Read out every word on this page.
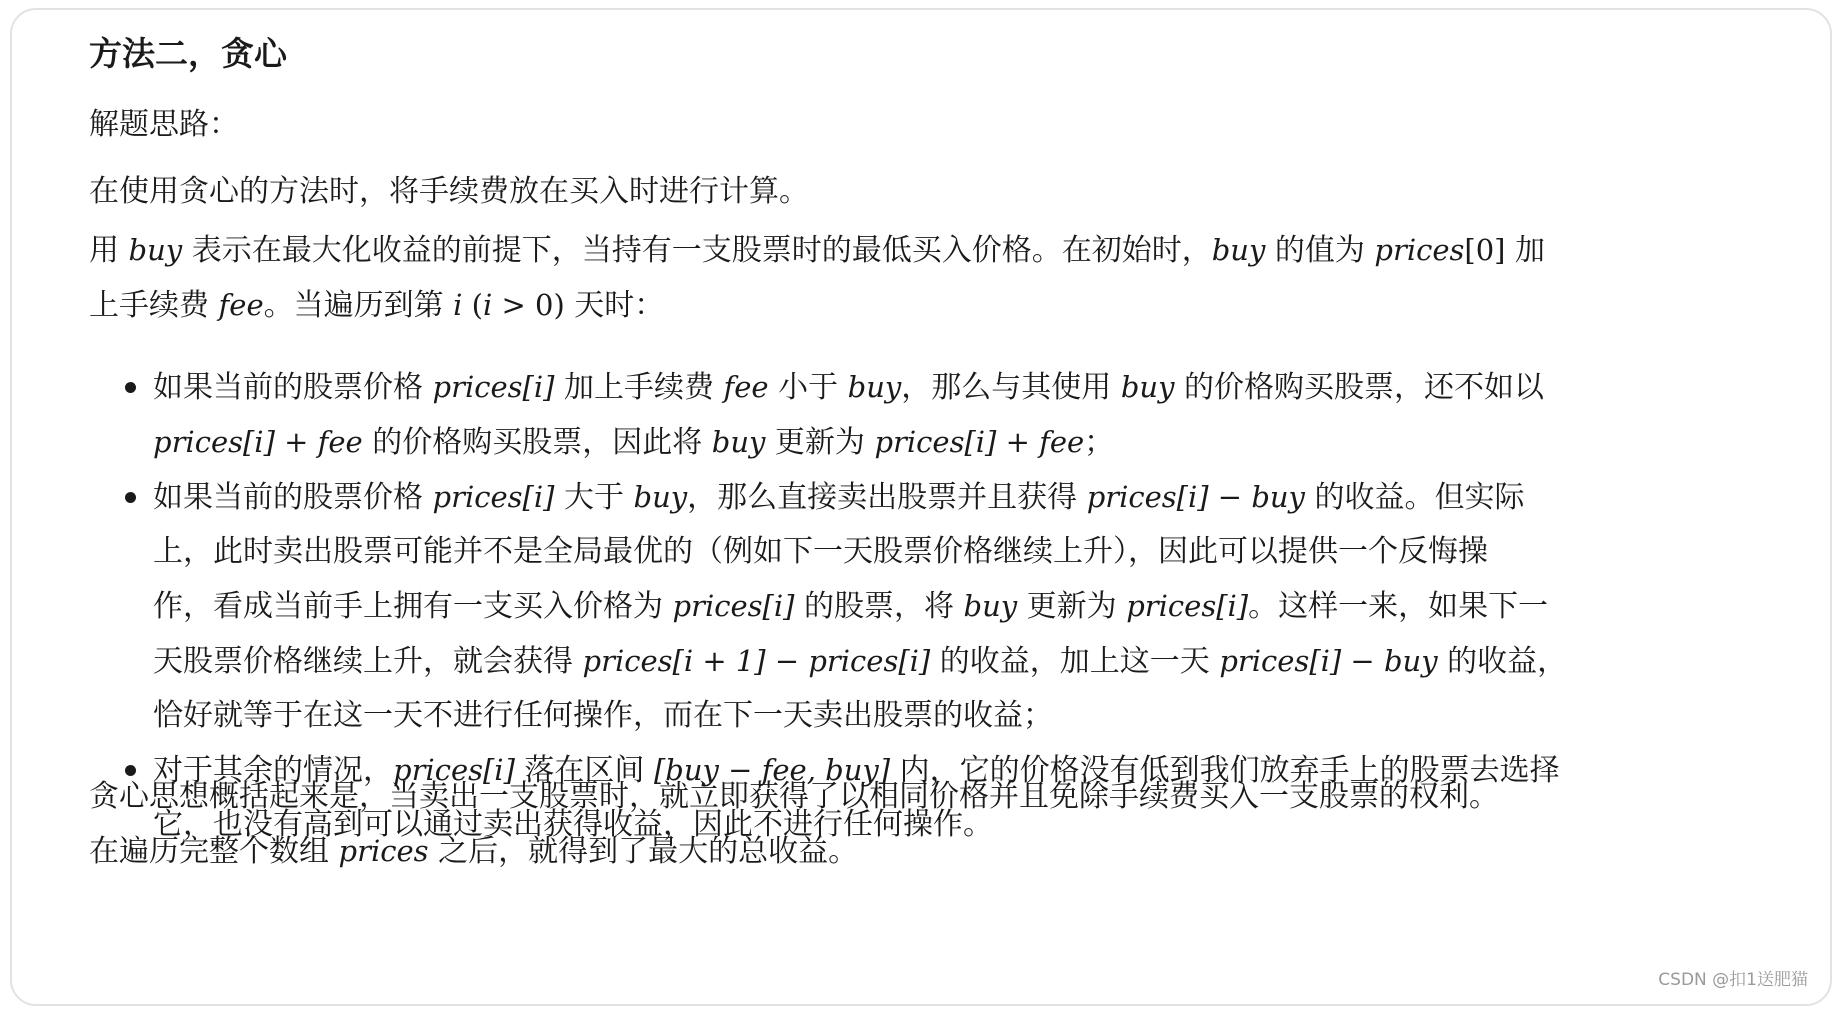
方法二，贪心

解题思路：

在使用贪心的方法时，将手续费放在买入时进行计算。

用 buy 表示在最大化收益的前提下，当持有一支股票时的最低买入价格。在初始时，buy 的值为 prices[0] 加
上手续费 fee。当遍历到第 i (i > 0) 天时：

如果当前的股票价格 prices[i] 加上手续费 fee 小于 buy，那么与其使用 buy 的价格购买股票，还不如以
prices[i] + fee 的价格购买股票，因此将 buy 更新为 prices[i] + fee；
如果当前的股票价格 prices[i] 大于 buy，那么直接卖出股票并且获得 prices[i] − buy 的收益。但实际
上，此时卖出股票可能并不是全局最优的（例如下一天股票价格继续上升），因此可以提供一个反悔操
作，看成当前手上拥有一支买入价格为 prices[i] 的股票，将 buy 更新为 prices[i]。这样一来，如果下一
天股票价格继续上升，就会获得 prices[i + 1] − prices[i] 的收益，加上这一天 prices[i] − buy 的收益，
恰好就等于在这一天不进行任何操作，而在下一天卖出股票的收益；
对于其余的情况，prices[i] 落在区间 [buy − fee, buy] 内，它的价格没有低到我们放弃手上的股票去选择
它，也没有高到可以通过卖出获得收益，因此不进行任何操作。

贪心思想概括起来是，当卖出一支股票时，就立即获得了以相同价格并且免除手续费买入一支股票的权利。
在遍历完整个数组 prices 之后，就得到了最大的总收益。

CSDN @扣1送肥猫
